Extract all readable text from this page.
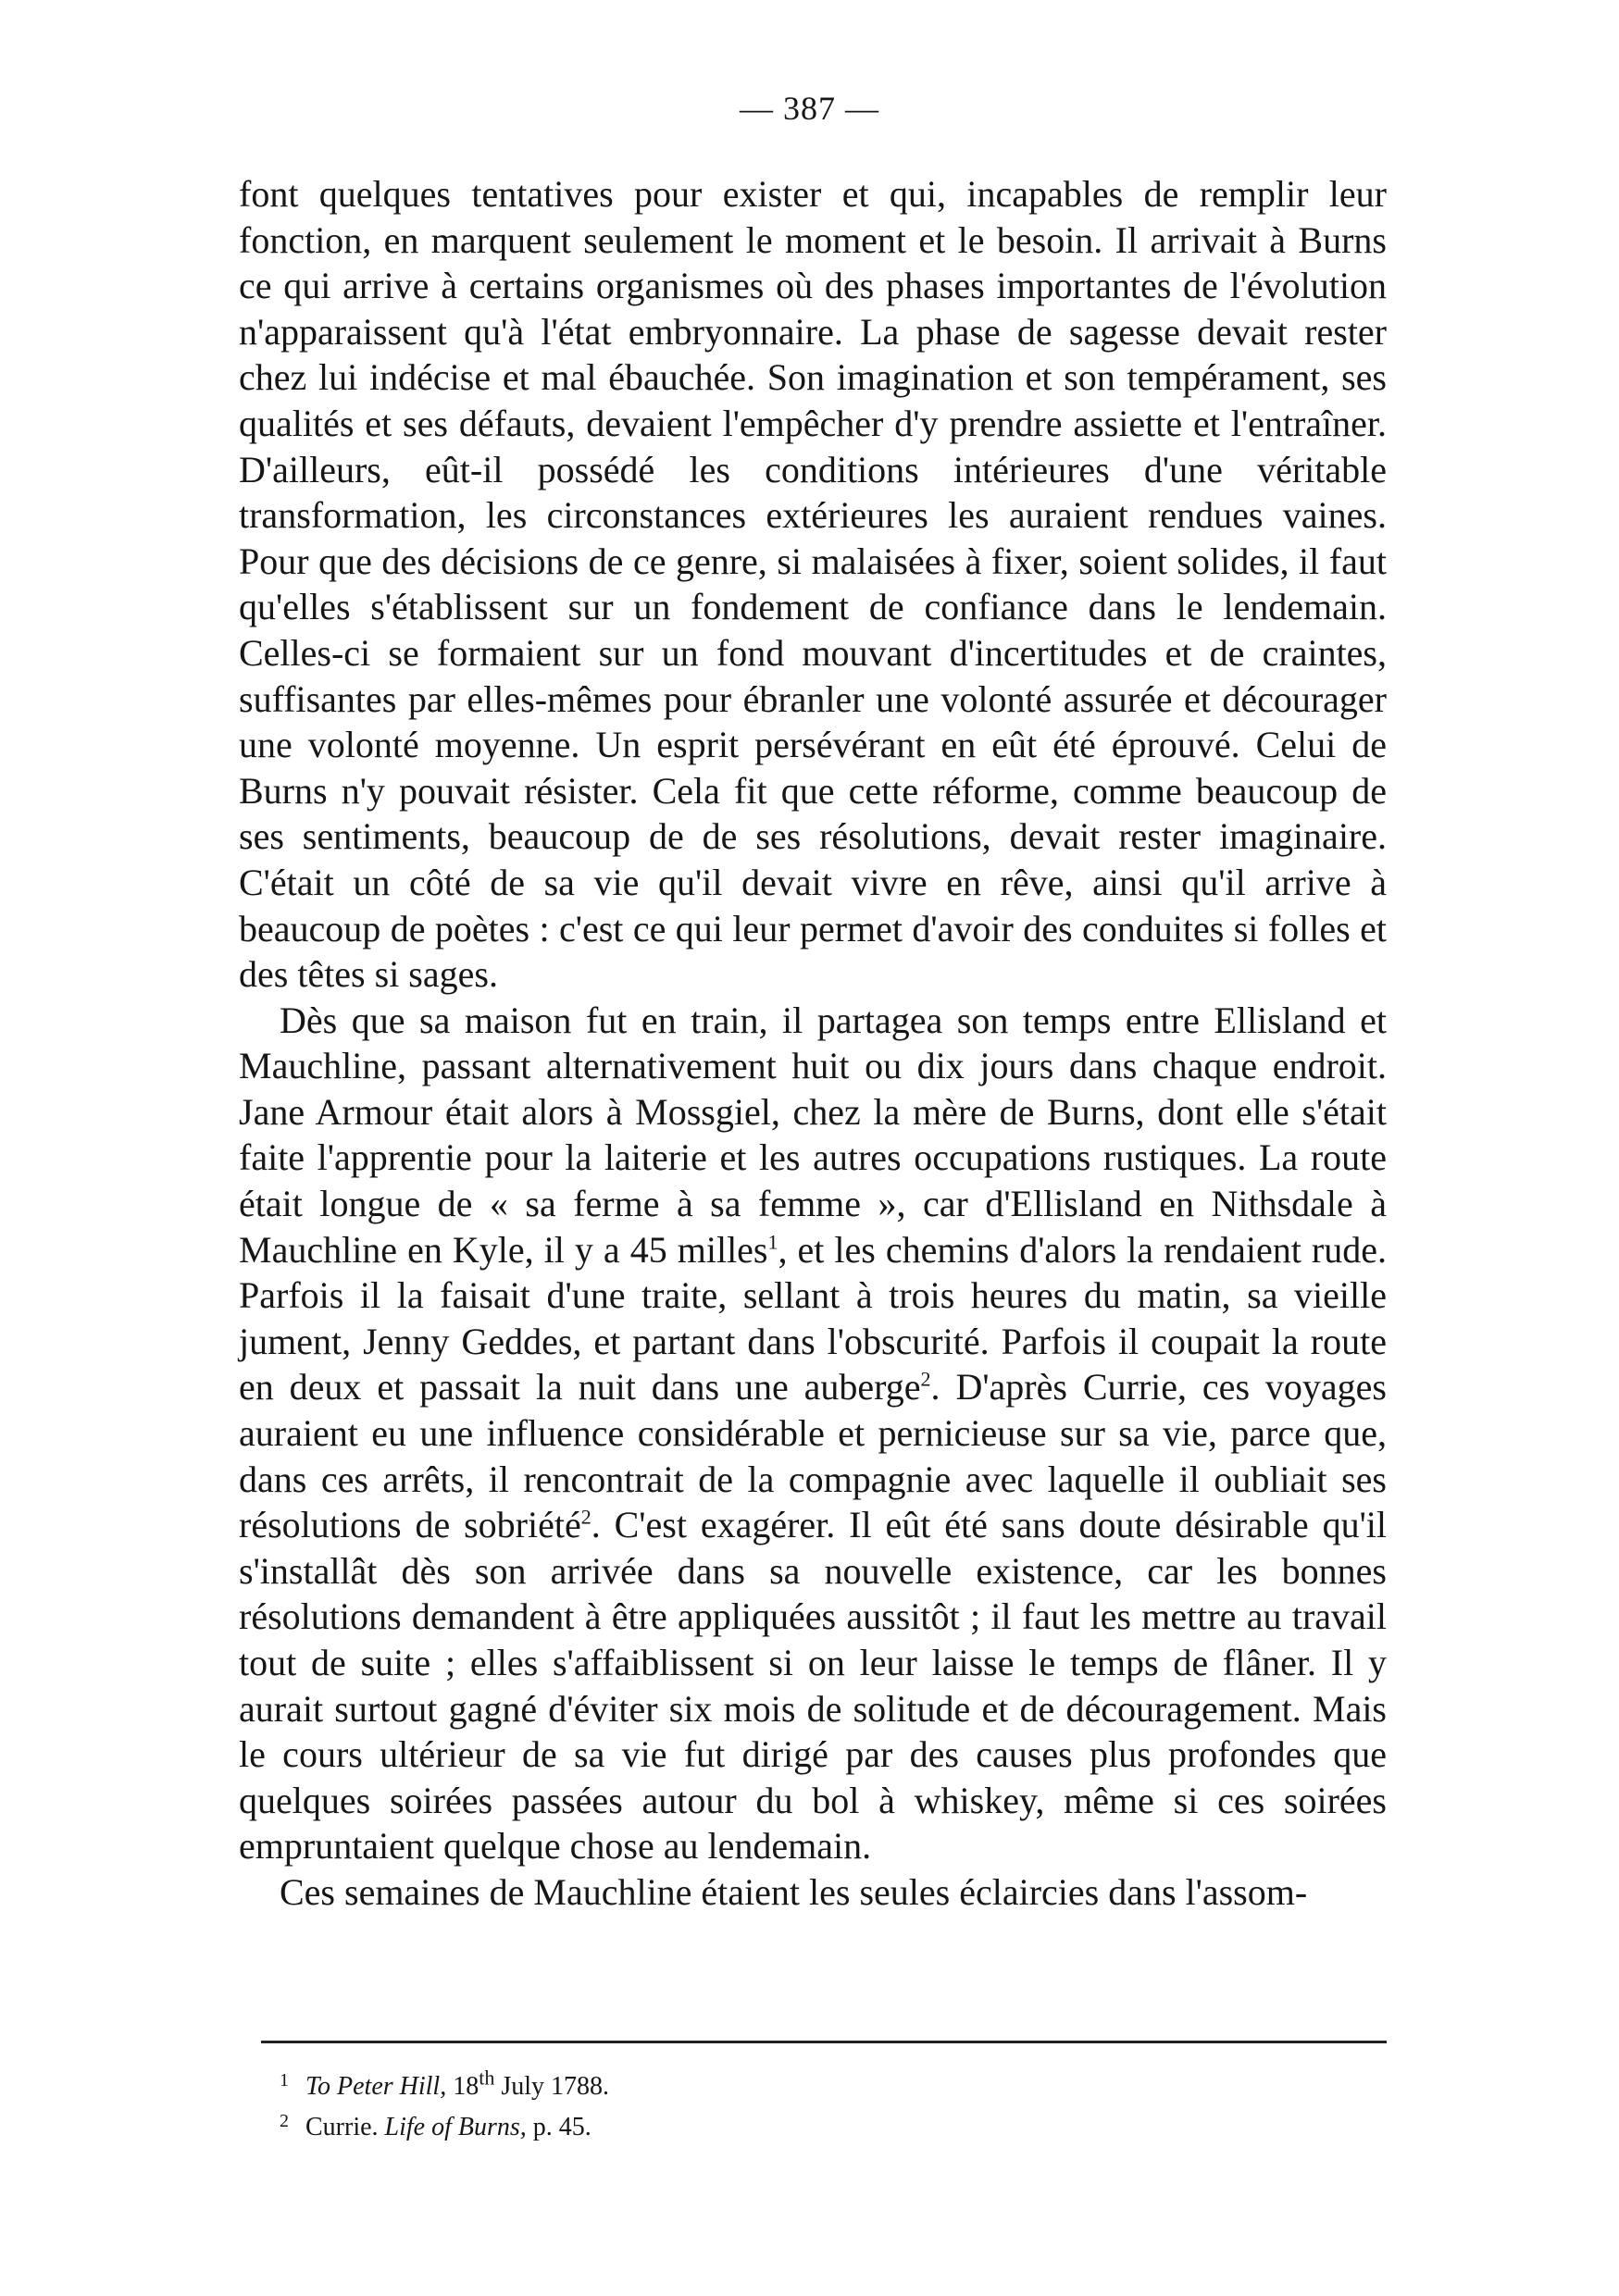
— 387 —

font quelques tentatives pour exister et qui, incapables de remplir leur fonction, en marquent seulement le moment et le besoin. Il arrivait à Burns ce qui arrive à certains organismes où des phases importantes de l'évolution n'apparaissent qu'à l'état embryonnaire. La phase de sagesse devait rester chez lui indécise et mal ébauchée. Son imagination et son tempérament, ses qualités et ses défauts, devaient l'empêcher d'y prendre assiette et l'entraîner. D'ailleurs, eût-il possédé les conditions intérieures d'une véritable transformation, les circonstances extérieures les auraient rendues vaines. Pour que des décisions de ce genre, si malaisées à fixer, soient solides, il faut qu'elles s'établissent sur un fondement de confiance dans le lendemain. Celles-ci se formaient sur un fond mouvant d'incertitudes et de craintes, suffisantes par elles-mêmes pour ébranler une volonté assurée et décourager une volonté moyenne. Un esprit persévérant en eût été éprouvé. Celui de Burns n'y pouvait résister. Cela fit que cette réforme, comme beaucoup de ses sentiments, beaucoup de de ses résolutions, devait rester imaginaire. C'était un côté de sa vie qu'il devait vivre en rêve, ainsi qu'il arrive à beaucoup de poètes : c'est ce qui leur permet d'avoir des conduites si folles et des têtes si sages.

Dès que sa maison fut en train, il partagea son temps entre Ellisland et Mauchline, passant alternativement huit ou dix jours dans chaque endroit. Jane Armour était alors à Mossgiel, chez la mère de Burns, dont elle s'était faite l'apprentie pour la laiterie et les autres occupations rustiques. La route était longue de « sa ferme à sa femme », car d'Ellisland en Nithsdale à Mauchline en Kyle, il y a 45 milles$^1$, et les chemins d'alors la rendaient rude. Parfois il la faisait d'une traite, sellant à trois heures du matin, sa vieille jument, Jenny Geddes, et partant dans l'obscurité. Parfois il coupait la route en deux et passait la nuit dans une auberge$^2$. D'après Currie, ces voyages auraient eu une influence considérable et pernicieuse sur sa vie, parce que, dans ces arrêts, il rencontrait de la compagnie avec laquelle il oubliait ses résolutions de sobriété$^2$. C'est exagérer. Il eût été sans doute désirable qu'il s'installât dès son arrivée dans sa nouvelle existence, car les bonnes résolutions demandent à être appliquées aussitôt ; il faut les mettre au travail tout de suite ; elles s'affaiblissent si on leur laisse le temps de flâner. Il y aurait surtout gagné d'éviter six mois de solitude et de découragement. Mais le cours ultérieur de sa vie fut dirigé par des causes plus profondes que quelques soirées passées autour du bol à whiskey, même si ces soirées empruntaient quelque chose au lendemain.

Ces semaines de Mauchline étaient les seules éclaircies dans l'assom-

1 To Peter Hill, 18th July 1788.
2 Currie. Life of Burns, p. 45.
